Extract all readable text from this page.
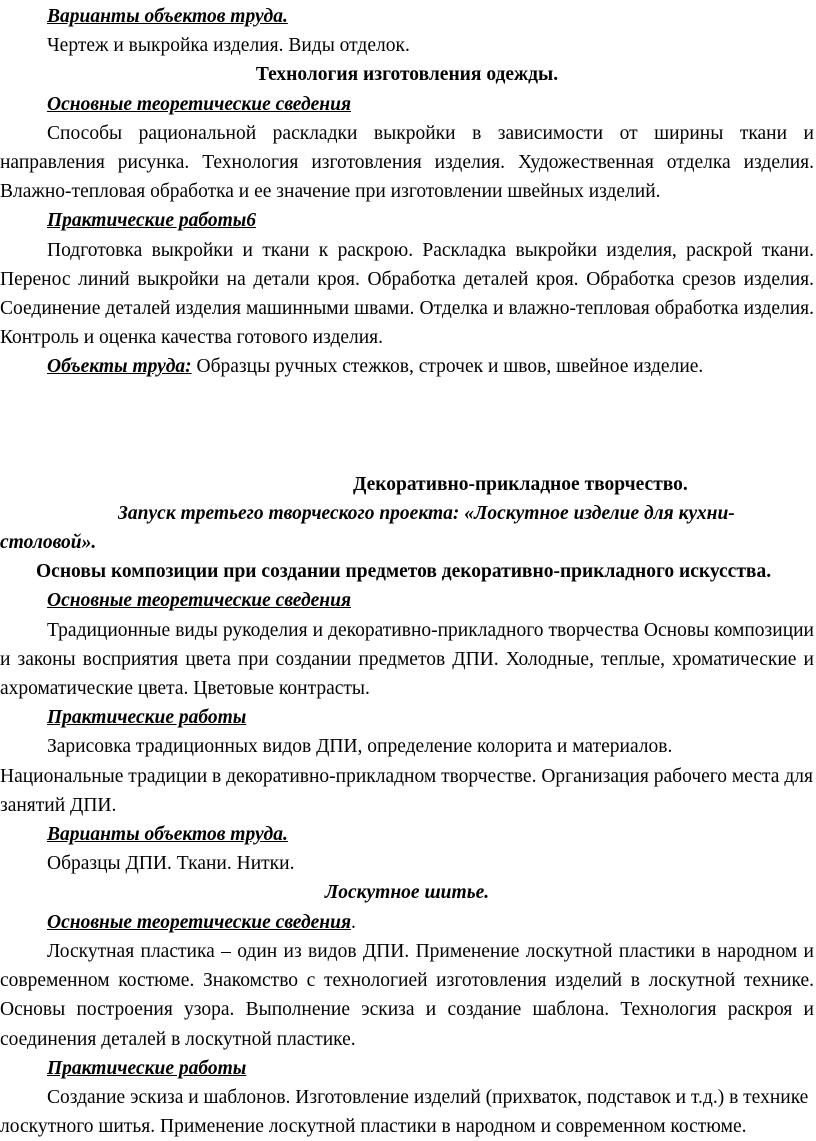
Варианты объектов труда.

Чертеж и выкройка изделия. Виды отделок.

Технология изготовления одежды.

Основные теоретические сведения

Способы рациональной раскладки выкройки в зависимости от ширины ткани и направления рисунка. Технология изготовления изделия. Художественная отделка изделия. Влажно-тепловая обработка и ее значение при изготовлении швейных изделий.

Практические работы6

Подготовка выкройки и ткани к раскрою. Раскладка выкройки изделия, раскрой ткани. Перенос линий выкройки на детали кроя. Обработка деталей кроя. Обработка срезов изделия. Соединение деталей изделия машинными швами. Отделка и влажно-тепловая обработка изделия. Контроль и оценка качества готового изделия.

Объекты труда: Образцы ручных стежков, строчек и швов, швейное изделие.

Декоративно-прикладное творчество.

Запуск третьего творческого проекта: «Лоскутное изделие для кухни-столовой».

Основы композиции при создании предметов декоративно-прикладного искусства.

Основные теоретические сведения

Традиционные виды рукоделия и декоративно-прикладного творчества Основы композиции и законы восприятия цвета при создании предметов ДПИ. Холодные, теплые, хроматические и ахроматические цвета. Цветовые контрасты.

Практические работы

Зарисовка традиционных видов ДПИ, определение колорита и материалов.

Национальные традиции в декоративно-прикладном творчестве. Организация рабочего места для занятий ДПИ.

Варианты объектов труда.

Образцы ДПИ. Ткани. Нитки.

Лоскутное шитье.

Основные теоретические сведения.

Лоскутная пластика – один из видов ДПИ. Применение лоскутной пластики в народном и современном костюме. Знакомство с технологией изготовления изделий в лоскутной технике. Основы построения узора. Выполнение эскиза и создание шаблона. Технология раскроя и соединения деталей в лоскутной пластике.

Практические работы

Создание эскиза и шаблонов. Изготовление изделий (прихваток, подставок и т.д.) в технике лоскутного шитья. Применение лоскутной пластики в народном и современном костюме.
